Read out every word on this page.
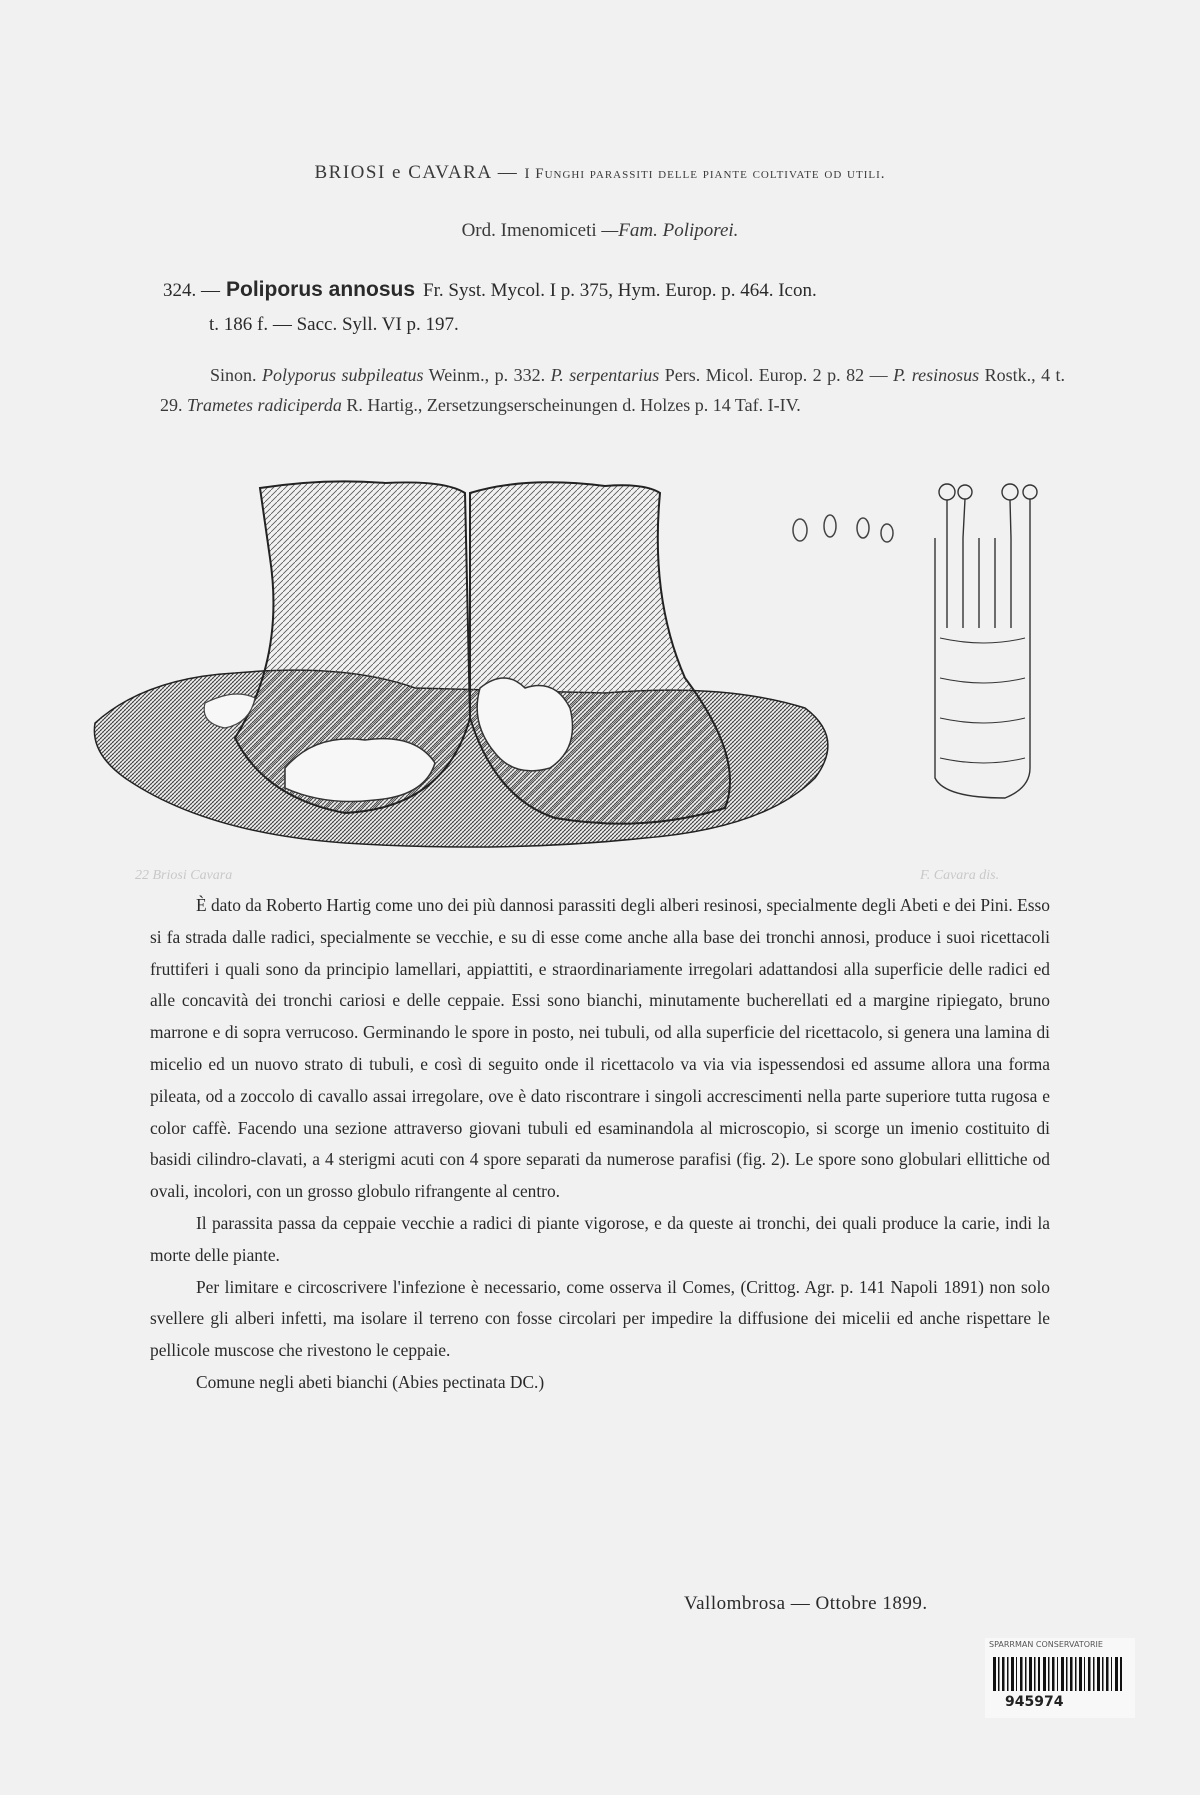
BRIOSI e CAVARA — I Funghi parassiti delle piante coltivate od utili.
Ord. Imenomiceti —Fam. Poliporei.
324. — Poliporus annosus Fr. Syst. Mycol. I p. 375, Hym. Europ. p. 464. Icon.
t. 186 f. — Sacc. Syll. VI p. 197.
Sinon. Polyporus subpileatus Weinm., p. 332. P. serpentarius Pers. Micol. Europ. 2 p. 82 — P. resinosus Rostk., 4 t. 29. Trametes radiciperda R. Hartig., Zersetzungserscheinungen d. Holzes p. 14 Taf. I-IV.
22 Briosi Cavara	F. Cavara dis.

È dato da Roberto Hartig come uno dei più dannosi parassiti degli alberi resinosi, specialmente degli Abeti e dei Pini. Esso si fa strada dalle radici, specialmente se vecchie, e su di esse come anche alla base dei tronchi annosi, produce i suoi ricettacoli fruttiferi i quali sono da principio lamellari, appiattiti, e straordinariamente irregolari adattandosi alla superficie delle radici ed alle concavità dei tronchi cariosi e delle ceppaie. Essi sono bianchi, minutamente bucherellati ed a margine ripiegato, bruno marrone e di sopra verrucoso. Germinando le spore in posto, nei tubuli, od alla superficie del ricettacolo, si genera una lamina di micelio ed un nuovo strato di tubuli, e così di seguito onde il ricettacolo va via via ispessendosi ed assume allora una forma pileata, od a zoccolo di cavallo assai irregolare, ove è dato riscontrare i singoli accrescimenti nella parte superiore tutta rugosa e color caffè. Facendo una sezione attraverso giovani tubuli ed esaminandola al microscopio, si scorge un imenio costituito di basidi cilindro-clavati, a 4 sterigmi acuti con 4 spore separati da numerose parafisi (fig. 2). Le spore sono globulari ellittiche od ovali, incolori, con un grosso globulo rifrangente al centro.

Il parassita passa da ceppaie vecchie a radici di piante vigorose, e da queste ai tronchi, dei quali produce la carie, indi la morte delle piante.

Per limitare e circoscrivere l'infezione è necessario, come osserva il Comes, (Crittog. Agr. p. 141 Napoli 1891) non solo svellere gli alberi infetti, ma isolare il terreno con fosse circolari per impedire la diffusione dei micelii ed anche rispettare le pellicole muscose che rivestono le ceppaie.

Comune negli abeti bianchi (Abies pectinata DC.)

Vallombrosa — Ottobre 1899.
SPARRMAN CONSERVATORIE
945974
